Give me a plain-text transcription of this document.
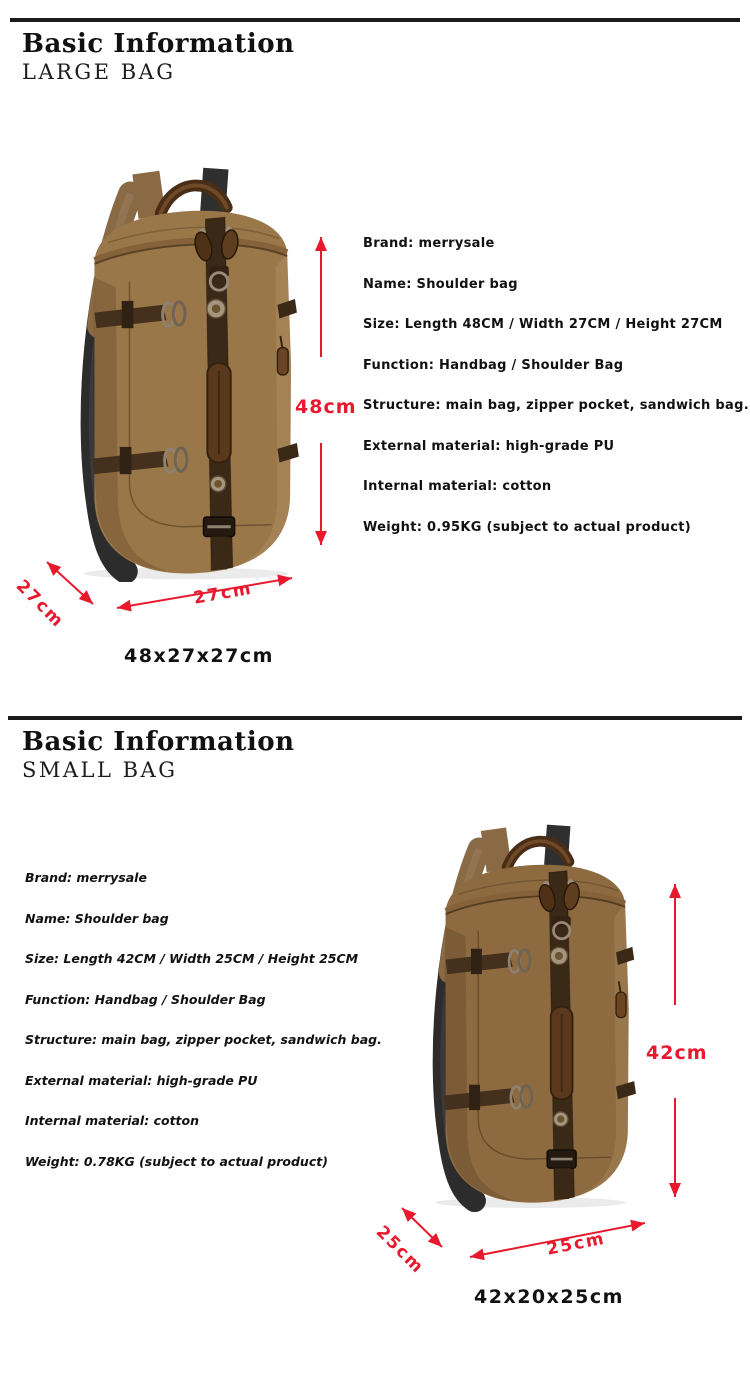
Basic Information
LARGE BAG
48cm
Brand: merrysale
Name: Shoulder bag
Size: Length 48CM / Width 27CM / Height 27CM
Function: Handbag / Shoulder Bag
Structure: main bag, zipper pocket, sandwich bag.
External material: high-grade PU
Internal material: cotton
Weight: 0.95KG (subject to actual product)
27cm	27cm
48x27x27cm
Basic Information
SMALL BAG
Brand: merrysale
Name: Shoulder bag
Size: Length 42CM / Width 25CM / Height 25CM
Function: Handbag / Shoulder Bag
Structure: main bag, zipper pocket, sandwich bag.
External material: high-grade PU
Internal material: cotton
Weight: 0.78KG (subject to actual product)
42cm
25cm	25cm
42x20x25cm
